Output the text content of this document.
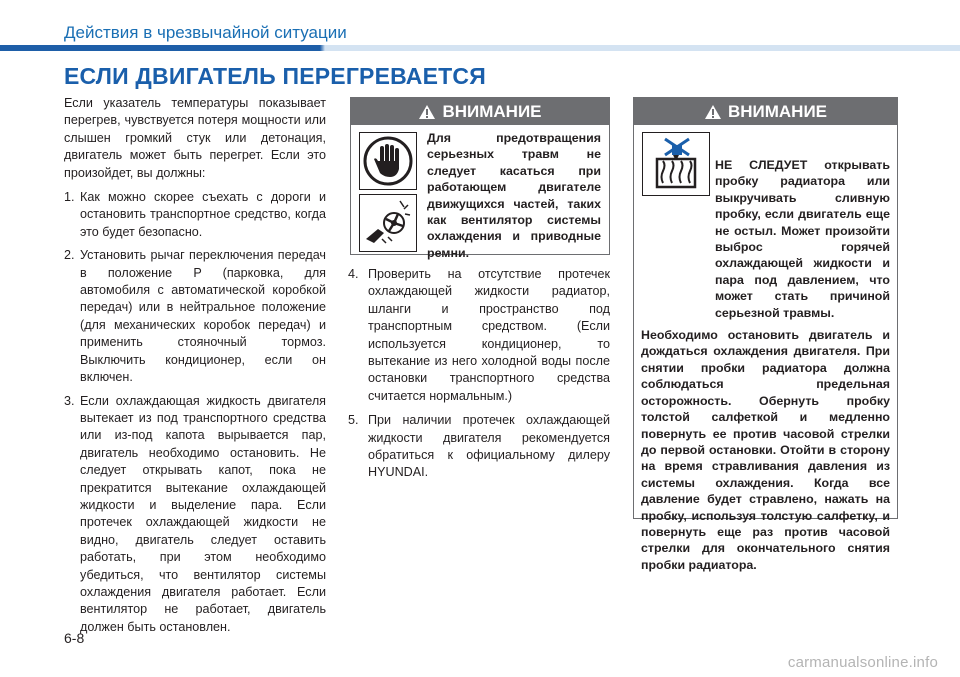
Действия в чрезвычайной ситуации
ЕСЛИ ДВИГАТЕЛЬ ПЕРЕГРЕВАЕТСЯ

Если указатель температуры показывает перегрев, чувствуется потеря мощности или слышен громкий стук или детонация, двигатель может быть перегрет. Если это произойдет, вы должны:

1. Как можно скорее съехать с дороги и остановить транспортное средство, когда это будет безопасно.
2. Установить рычаг переключения передач в положение P (парковка, для автомобиля с автоматической коробкой передач) или в нейтральное положение (для механических коробок передач) и применить стояночный тормоз. Выключить кондиционер, если он включен.
3. Если охлаждающая жидкость двигателя вытекает из под транспортного средства или из-под капота вырывается пар, двигатель необходимо остановить. Не следует открывать капот, пока не прекратится вытекание охлаждающей жидкости и выделение пара. Если протечек охлаждающей жидкости не видно, двигатель следует оставить работать, при этом необходимо убедиться, что вентилятор системы охлаждения двигателя работает. Если вентилятор не работает, двигатель должен быть остановлен.
ВНИМАНИЕ
Для предотвращения серьезных травм не следует касаться при работающем двигателе движущихся частей, таких как вентилятор системы охлаждения и приводные ремни.
4. Проверить на отсутствие протечек охлаждающей жидкости радиатор, шланги и пространство под транспортным средством. (Если используется кондиционер, то вытекание из него холодной воды после остановки транспортного средства считается нормальным.)
5. При наличии протечек охлаждающей жидкости двигателя рекомендуется обратиться к официальному дилеру HYUNDAI.
ВНИМАНИЕ

НЕ СЛЕДУЕТ открывать пробку радиатора или выкручивать сливную пробку, если двигатель еще не остыл. Может произойти выброс горячей охлаждающей жидкости и пара под давлением, что может стать причиной серьезной травмы.

Необходимо остановить двигатель и дождаться охлаждения двигателя. При снятии пробки радиатора должна соблюдаться предельная осторожность. Обернуть пробку толстой салфеткой и медленно повернуть ее против часовой стрелки до первой остановки. Отойти в сторону на время стравливания давления из системы охлаждения. Когда все давление будет стравлено, нажать на пробку, используя толстую салфетку, и повернуть еще раз против часовой стрелки для окончательного снятия пробки радиатора.

6-8
carmanualsonline.info
